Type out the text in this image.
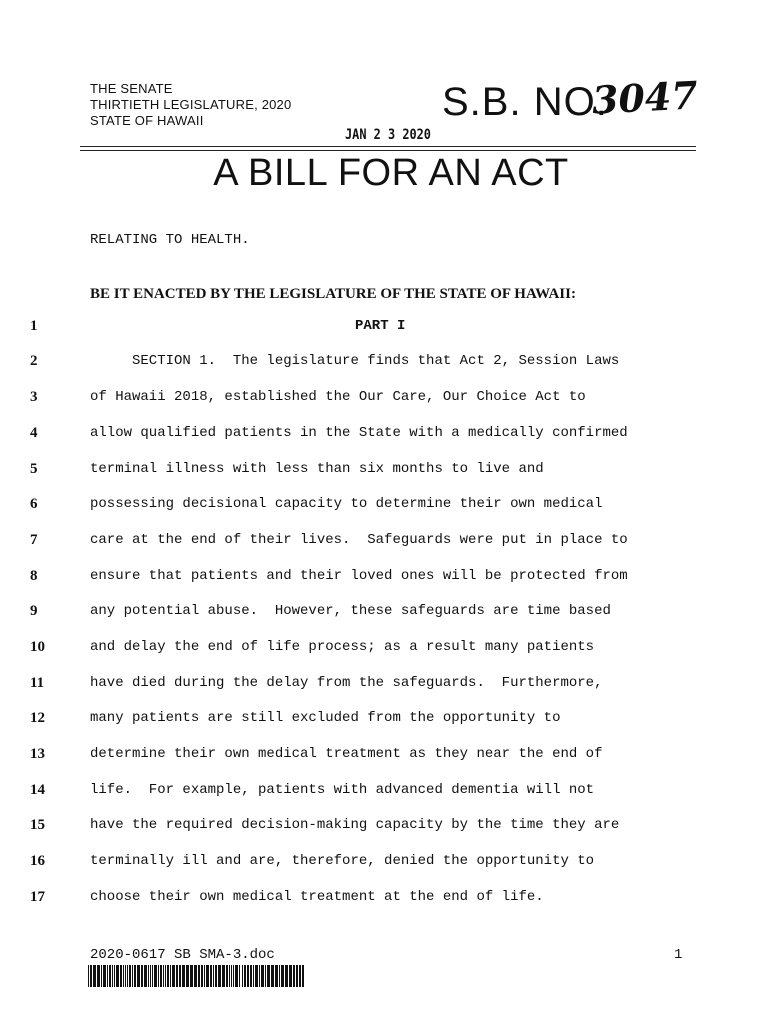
THE SENATE
THIRTIETH LEGISLATURE, 2020
STATE OF HAWAII	S.B. NO.
3047
JAN 2 3 2020
A BILL FOR AN ACT
RELATING TO HEALTH.
BE IT ENACTED BY THE LEGISLATURE OF THE STATE OF HAWAII:
1
2
3
4
5
6
7
8
9
10
11
12
13
14
15
16
17
PART I
SECTION 1.  The legislature finds that Act 2, Session Laws
of Hawaii 2018, established the Our Care, Our Choice Act to
allow qualified patients in the State with a medically confirmed
terminal illness with less than six months to live and
possessing decisional capacity to determine their own medical
care at the end of their lives.  Safeguards were put in place to
ensure that patients and their loved ones will be protected from
any potential abuse.  However, these safeguards are time based
and delay the end of life process; as a result many patients
have died during the delay from the safeguards.  Furthermore,
many patients are still excluded from the opportunity to
determine their own medical treatment as they near the end of
life.  For example, patients with advanced dementia will not
have the required decision-making capacity by the time they are
terminally ill and are, therefore, denied the opportunity to
choose their own medical treatment at the end of life.
2020-0617 SB SMA-3.doc	1
